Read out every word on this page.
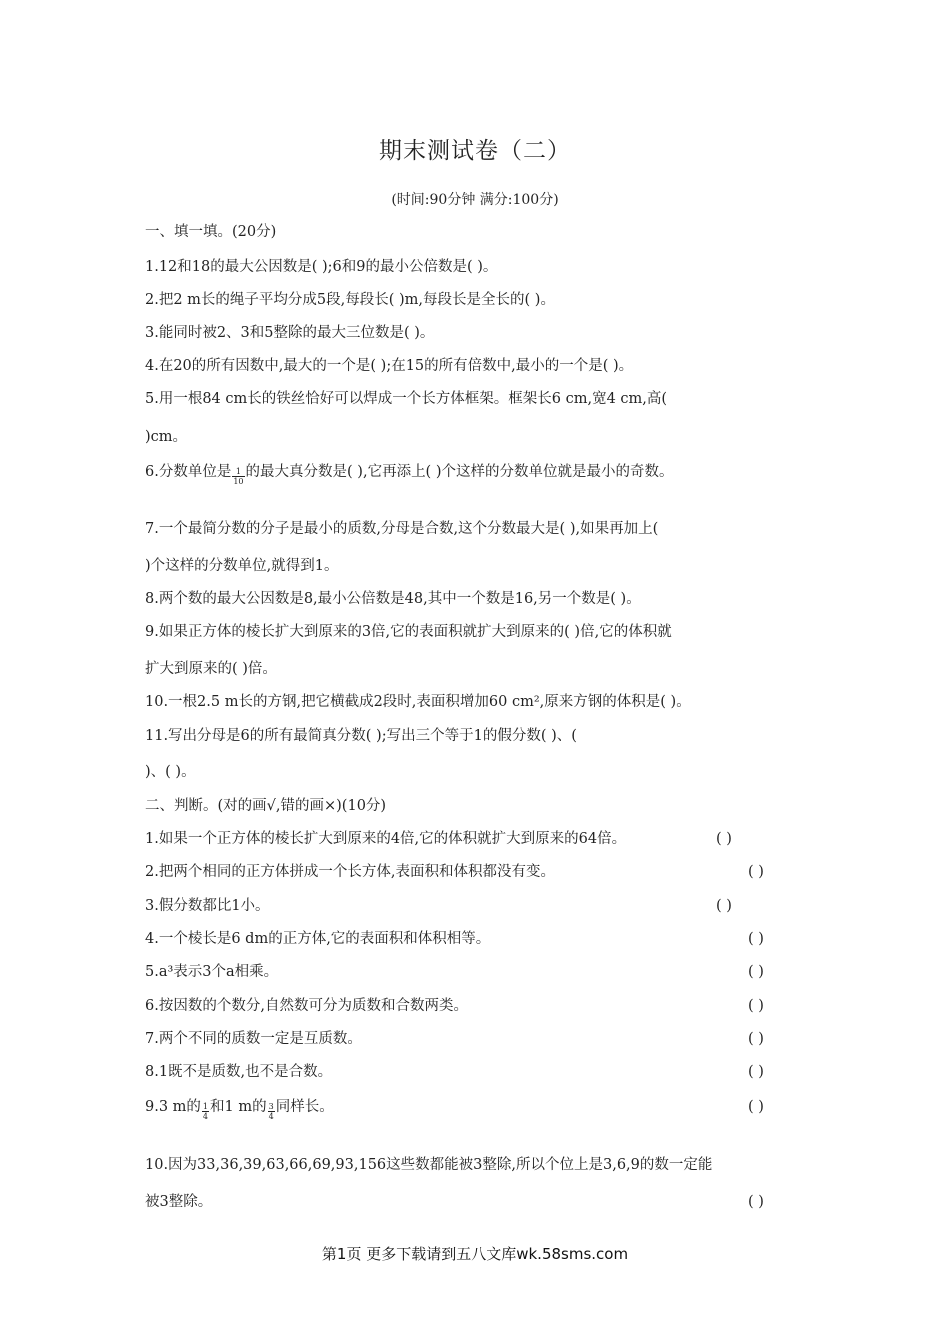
期末测试卷（二）
(时间:90分钟 满分:100分)
一、填一填。(20分)
1.12和18的最大公因数是( );6和9的最小公倍数是( )。
2.把2 m长的绳子平均分成5段,每段长( )m,每段长是全长的( )。
3.能同时被2、3和5整除的最大三位数是( )。
4.在20的所有因数中,最大的一个是( );在15的所有倍数中,最小的一个是( )。
5.用一根84 cm长的铁丝恰好可以焊成一个长方体框架。框架长6 cm,宽4 cm,高(
)cm。
6.分数单位是 $\frac{1}{10}$ 的最大真分数是( ),它再添上( )个这样的分数单位就是最小的奇数。
7.一个最简分数的分子是最小的质数,分母是合数,这个分数最大是( ),如果再加上(
)个这样的分数单位,就得到1。
8.两个数的最大公因数是8,最小公倍数是48,其中一个数是16,另一个数是( )。
9.如果正方体的棱长扩大到原来的3倍,它的表面积就扩大到原来的( )倍,它的体积就
扩大到原来的( )倍。
10.一根2.5 m长的方钢,把它横截成2段时,表面积增加60 cm²,原来方钢的体积是( )。
11.写出分母是6的所有最简真分数( );写出三个等于1的假分数( )、(
)、( )。
二、判断。(对的画√,错的画×)(10分)
1.如果一个正方体的棱长扩大到原来的4倍,它的体积就扩大到原来的64倍。	( )
2.把两个相同的正方体拼成一个长方体,表面积和体积都没有变。	( )
3.假分数都比1小。	( )
4.一个棱长是6 dm的正方体,它的表面积和体积相等。	( )
5.a³表示3个a相乘。	( )
6.按因数的个数分,自然数可分为质数和合数两类。	( )
7.两个不同的质数一定是互质数。	( )
8.1既不是质数,也不是合数。	( )
9.3 m的 $\frac{1}{4}$ 和1 m的 $\frac{3}{4}$ 同样长。	( )
10.因为33,36,39,63,66,69,93,156这些数都能被3整除,所以个位上是3,6,9的数一定能
被3整除。	( )
第1页 更多下载请到五八文库wk.58sms.com
